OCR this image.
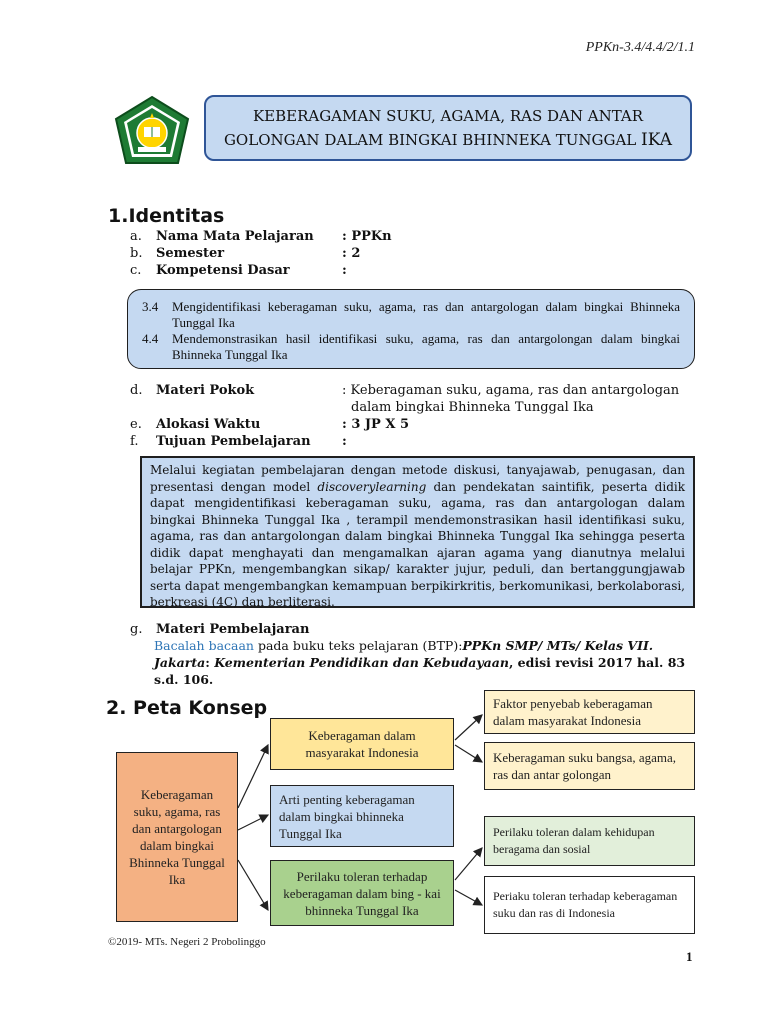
PPKn-3.4/4.4/2/1.1
KEBERAGAMAN SUKU, AGAMA, RAS DAN ANTAR
GOLONGAN DALAM BINGKAI BHINNEKA TUNGGAL IKA
1.Identitas
a. Nama Mata Pelajaran : PPKn
b. Semester	: 2
c. Kompetensi Dasar	:
3.4	Mengidentifikasi keberagaman suku, agama, ras dan antargologan dalam bingkai Bhinneka Tunggal Ika
4.4	Mendemonstrasikan hasil identifikasi suku, agama, ras dan antargolongan dalam bingkai Bhinneka Tunggal Ika
d. Materi Pokok	: Keberagaman suku, agama, ras dan antargologan
dalam bingkai Bhinneka Tunggal Ika
e. Alokasi Waktu	: 3 JP X 5
f. Tujuan Pembelajaran :
Melalui kegiatan pembelajaran dengan metode diskusi, tanyajawab, penugasan, dan presentasi dengan model discoverylearning dan pendekatan saintifik, peserta didik dapat mengidentifikasi keberagaman suku, agama, ras dan antargologan dalam bingkai Bhinneka Tunggal Ika , terampil mendemonstrasikan hasil identifikasi suku, agama, ras dan antargolongan dalam bingkai Bhinneka Tunggal Ika sehingga peserta didik dapat menghayati dan mengamalkan ajaran agama yang dianutnya melalui belajar PPKn, mengembangkan sikap/ karakter jujur, peduli, dan bertanggungjawab serta dapat mengembangkan kemampuan berpikirkritis, berkomunikasi, berkolaborasi, berkreasi (4C) dan berliterasi.
g. Materi Pembelajaran
Bacalah bacaan pada buku teks pelajaran (BTP):PPKn SMP/ MTs/ Kelas VII. Jakarta: Kementerian Pendidikan dan Kebudayaan, edisi revisi 2017 hal. 83 s.d. 106.
2. Peta Konsep
Keberagaman suku, agama, ras dan antargologan dalam bingkai Bhinneka Tunggal Ika
Keberagaman dalam masyarakat Indonesia
Arti penting keberagaman dalam bingkai bhinneka Tunggal Ika
Perilaku toleran terhadap keberagaman dalam bing - kai bhinneka Tunggal Ika
Faktor penyebab keberagaman dalam masyarakat Indonesia
Keberagaman suku bangsa, agama, ras dan antar golongan
Perilaku toleran dalam kehidupan beragama dan sosial
Periaku toleran terhadap keberagaman suku dan ras di Indonesia
©2019- MTs. Negeri 2 Probolinggo
1
